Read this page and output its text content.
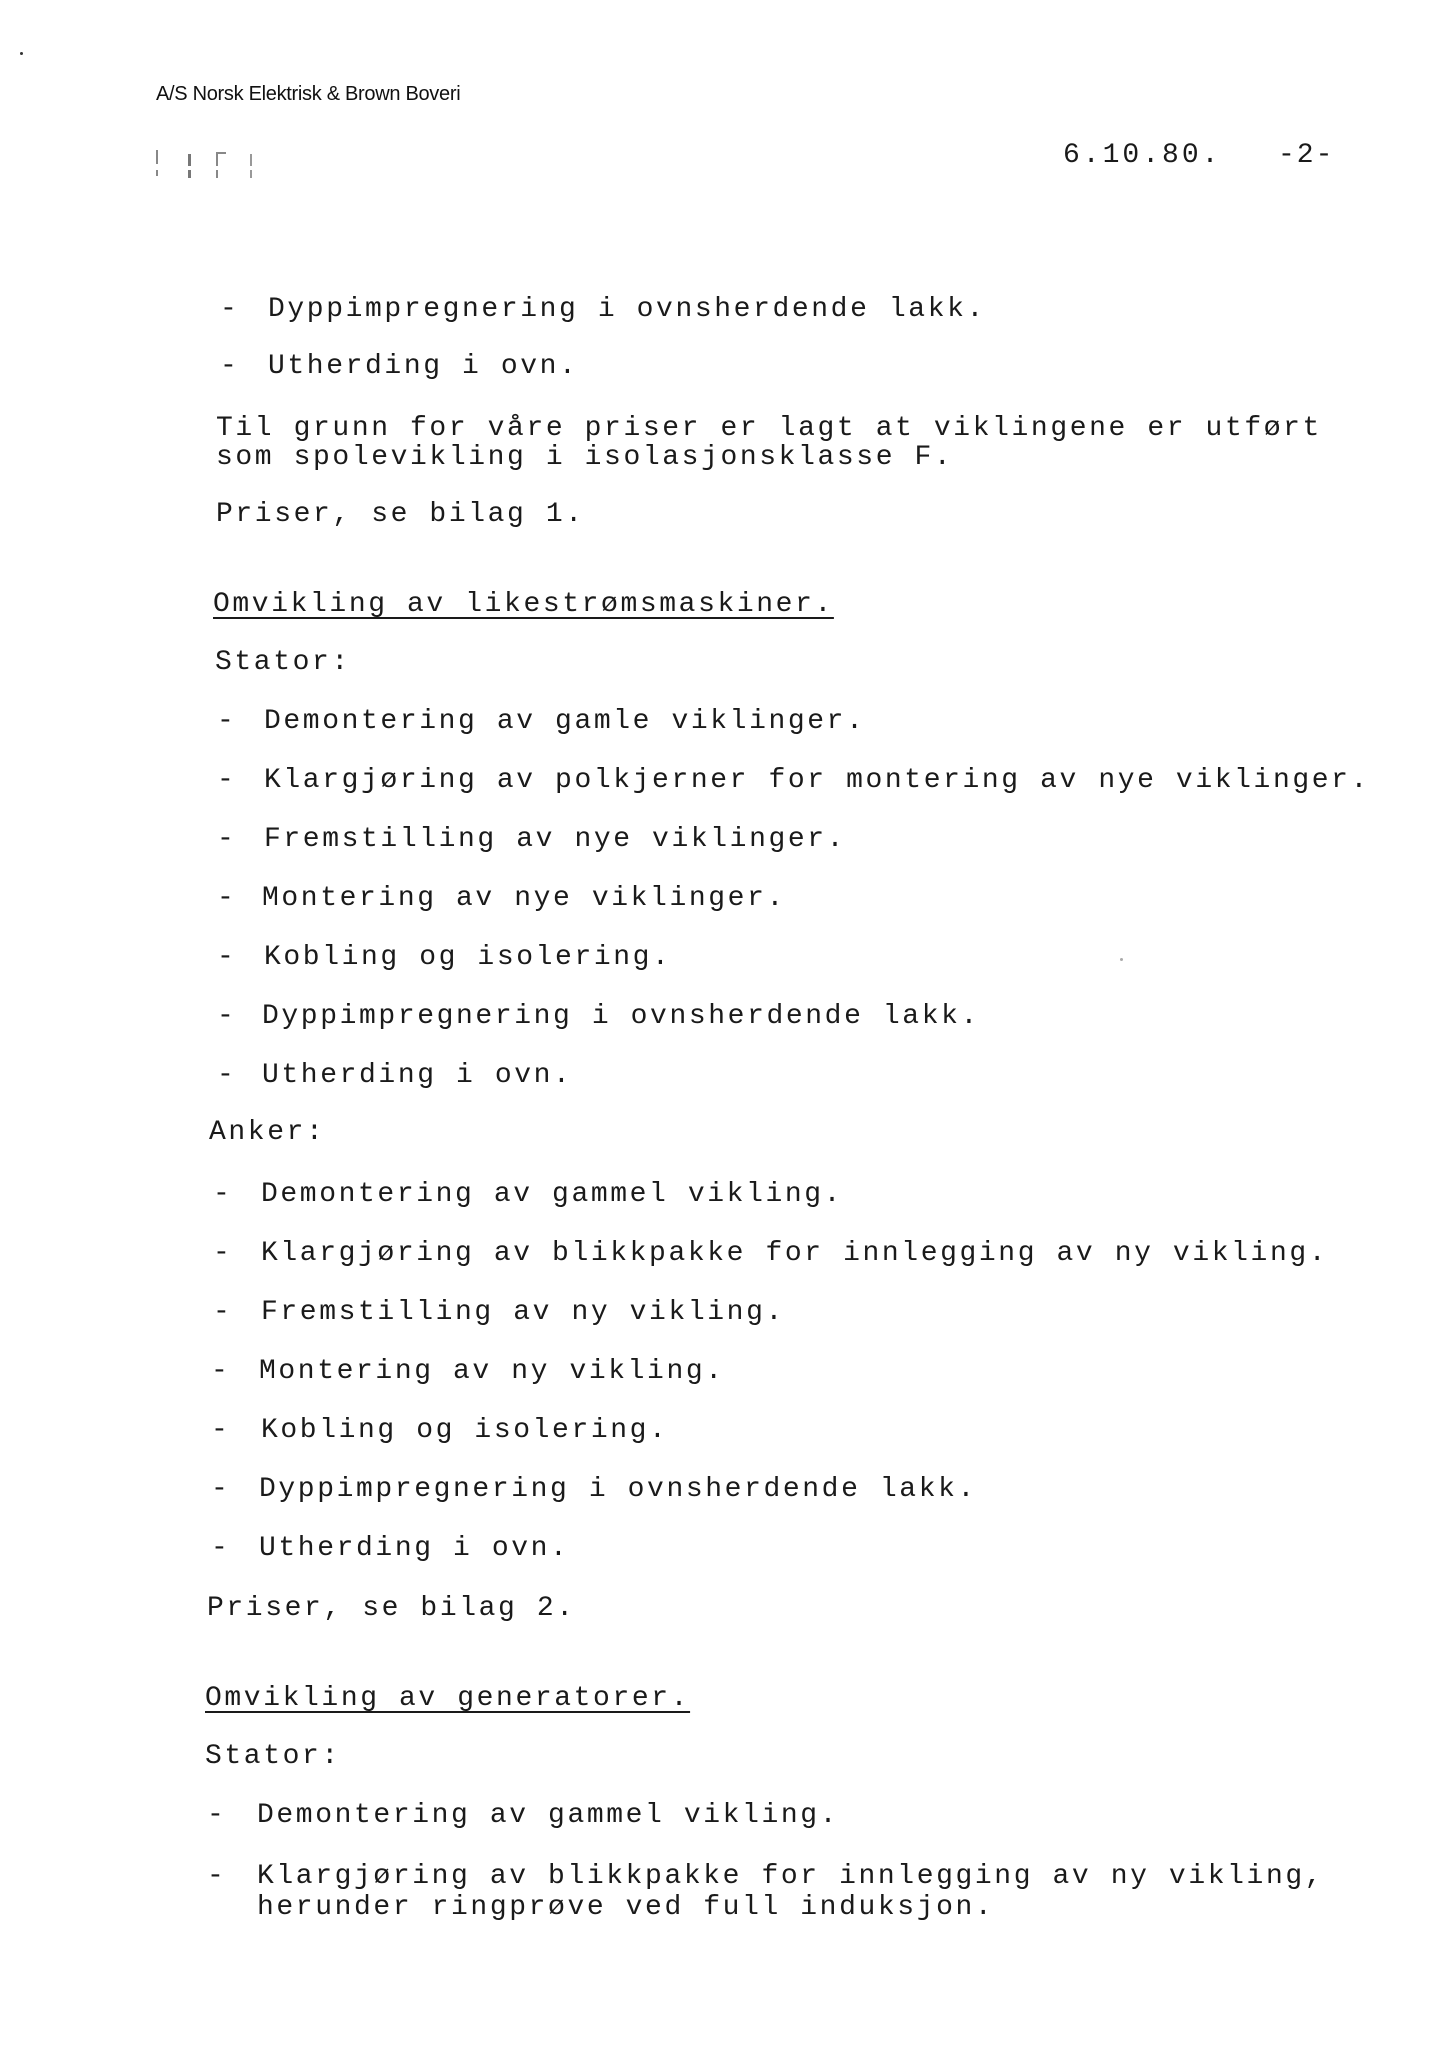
A/S Norsk Elektrisk & Brown Boveri
6.10.80. -2-
- Dyppimpregnering i ovnsherdende lakk.
- Utherding i ovn.
Til grunn for våre priser er lagt at viklingene er utført
som spolevikling i isolasjonsklasse F.
Priser, se bilag 1.
Omvikling av likestrømsmaskiner.
Stator:
- Demontering av gamle viklinger.
- Klargjøring av polkjerner for montering av nye viklinger.
- Fremstilling av nye viklinger.
- Montering av nye viklinger.
- Kobling og isolering.
- Dyppimpregnering i ovnsherdende lakk.
- Utherding i ovn.
Anker:
- Demontering av gammel vikling.
- Klargjøring av blikkpakke for innlegging av ny vikling.
- Fremstilling av ny vikling.
- Montering av ny vikling.
- Kobling og isolering.
- Dyppimpregnering i ovnsherdende lakk.
- Utherding i ovn.
Priser, se bilag 2.
Omvikling av generatorer.
Stator:
- Demontering av gammel vikling.
- Klargjøring av blikkpakke for innlegging av ny vikling,
herunder ringprøve ved full induksjon.
